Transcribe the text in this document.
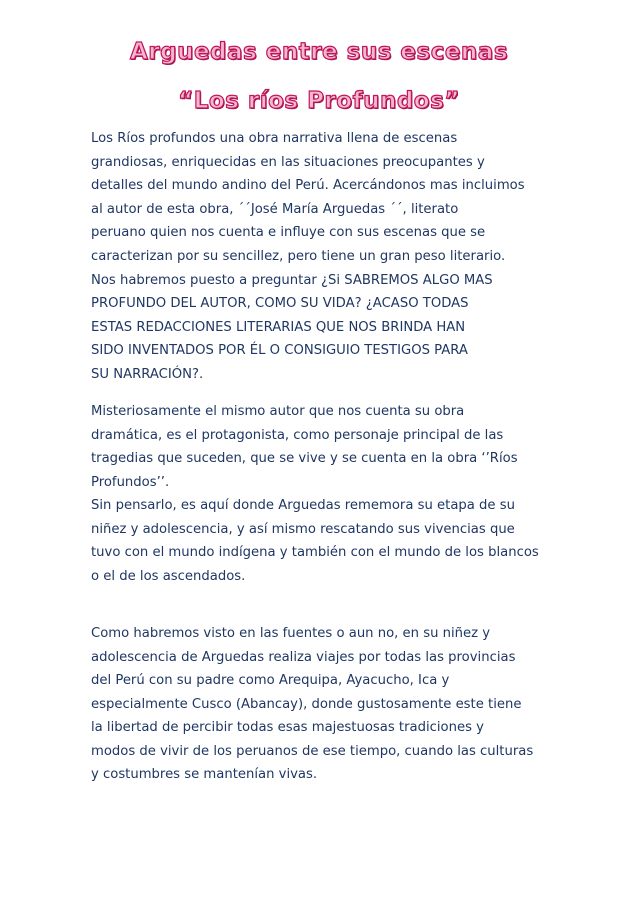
Arguedas entre sus escenas
“Los ríos Profundos”
Los Ríos profundos una obra narrativa llena de escenas
grandiosas, enriquecidas en las situaciones preocupantes y
detalles del mundo andino del Perú. Acercándonos mas incluimos
al autor de esta obra, ´´José María Arguedas ´´, literato
peruano quien nos cuenta e influye con sus escenas que se
caracterizan por su sencillez, pero tiene un gran peso literario.
Nos habremos puesto a preguntar ¿Si SABREMOS ALGO MAS
PROFUNDO DEL AUTOR, COMO SU VIDA? ¿ACASO TODAS
ESTAS REDACCIONES LITERARIAS QUE NOS BRINDA HAN
SIDO INVENTADOS POR ÉL O CONSIGUIO TESTIGOS PARA
SU NARRACIÓN?.
Misteriosamente el mismo autor que nos cuenta su obra
dramática, es el protagonista, como personaje principal de las
tragedias que suceden, que se vive y se cuenta en la obra ‘’Ríos
Profundos’’.
Sin pensarlo, es aquí donde Arguedas rememora su etapa de su
niñez y adolescencia, y así mismo rescatando sus vivencias que
tuvo con el mundo indígena y también con el mundo de los blancos
o el de los ascendados.
Como habremos visto en las fuentes o aun no, en su niñez y
adolescencia de Arguedas realiza viajes por todas las provincias
del Perú con su padre como Arequipa, Ayacucho, Ica y
especialmente Cusco (Abancay), donde gustosamente este tiene
la libertad de percibir todas esas majestuosas tradiciones y
modos de vivir de los peruanos de ese tiempo, cuando las culturas
y costumbres se mantenían vivas.
